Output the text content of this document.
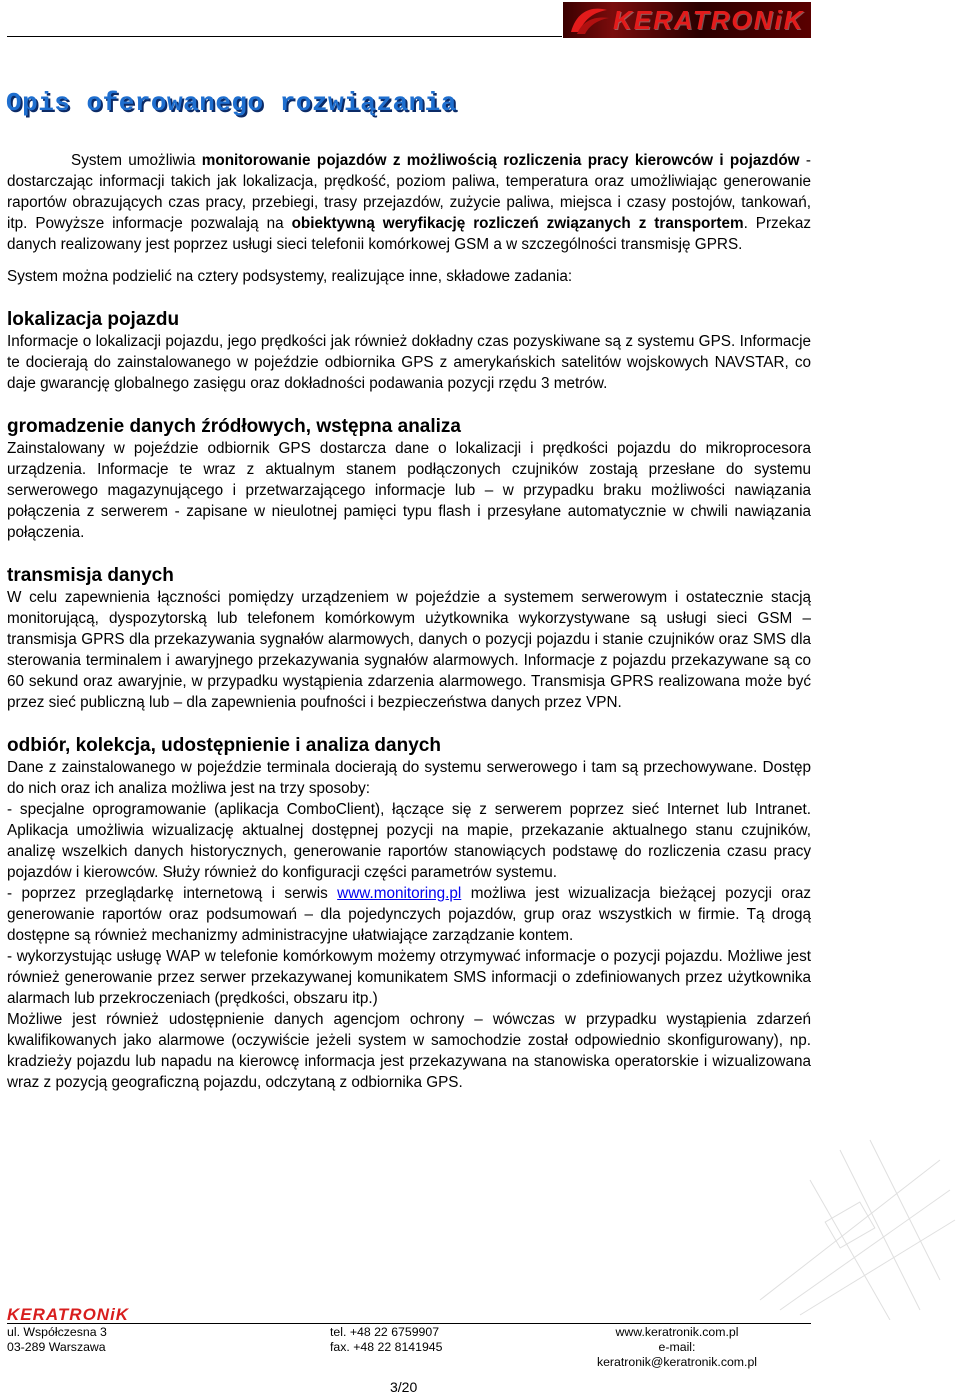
KERATRONiK
Opis oferowanego rozwiązania

System umożliwia monitorowanie pojazdów z możliwością rozliczenia pracy kierowców i pojazdów - dostarczając informacji takich jak lokalizacja, prędkość, poziom paliwa, temperatura oraz umożliwiając generowanie raportów obrazujących czas pracy, przebiegi, trasy przejazdów, zużycie paliwa, miejsca i czasy postojów, tankowań, itp. Powyższe informacje pozwalają na obiektywną weryfikację rozliczeń związanych z transportem. Przekaz danych realizowany jest poprzez usługi sieci telefonii komórkowej GSM a w szczególności transmisję GPRS.

System można podzielić na cztery podsystemy, realizujące inne, składowe zadania:

lokalizacja pojazdu

Informacje o lokalizacji pojazdu, jego prędkości jak również dokładny czas pozyskiwane są z systemu GPS. Informacje te docierają do zainstalowanego w pojeździe odbiornika GPS z amerykańskich satelitów wojskowych NAVSTAR, co daje gwarancję globalnego zasięgu oraz dokładności podawania pozycji rzędu 3 metrów.

gromadzenie danych źródłowych, wstępna analiza

Zainstalowany w pojeździe odbiornik GPS dostarcza dane o lokalizacji i prędkości pojazdu do mikroprocesora urządzenia. Informacje te wraz z aktualnym stanem podłączonych czujników zostają przesłane do systemu serwerowego magazynującego i przetwarzającego informacje lub – w przypadku braku możliwości nawiązania połączenia z serwerem - zapisane w nieulotnej pamięci typu flash i przesyłane automatycznie w chwili nawiązania połączenia.

transmisja danych

W celu zapewnienia łączności pomiędzy urządzeniem w pojeździe a systemem serwerowym i ostatecznie stacją monitorującą, dyspozytorską lub telefonem komórkowym użytkownika wykorzystywane są usługi sieci GSM – transmisja GPRS dla przekazywania sygnałów alarmowych, danych o pozycji pojazdu i stanie czujników oraz SMS dla sterowania terminalem i awaryjnego przekazywania sygnałów alarmowych. Informacje z pojazdu przekazywane są co 60 sekund oraz awaryjnie, w przypadku wystąpienia zdarzenia alarmowego. Transmisja GPRS realizowana może być przez sieć publiczną lub – dla zapewnienia poufności i bezpieczeństwa danych przez VPN.

odbiór, kolekcja, udostępnienie i analiza danych

Dane z zainstalowanego w pojeździe terminala docierają do systemu serwerowego i tam są przechowywane. Dostęp do nich oraz ich analiza możliwa jest na trzy sposoby:

- specjalne oprogramowanie (aplikacja ComboClient), łączące się z serwerem poprzez sieć Internet lub Intranet. Aplikacja umożliwia wizualizację aktualnej dostępnej pozycji na mapie, przekazanie aktualnego stanu czujników, analizę wszelkich danych historycznych, generowanie raportów stanowiących podstawę do rozliczenia czasu pracy pojazdów i kierowców. Służy również do konfiguracji części parametrów systemu.

- poprzez przeglądarkę internetową i serwis www.monitoring.pl możliwa jest wizualizacja bieżącej pozycji oraz generowanie raportów oraz podsumowań – dla pojedynczych pojazdów, grup oraz wszystkich w firmie. Tą drogą dostępne są również mechanizmy administracyjne ułatwiające zarządzanie kontem.

- wykorzystując usługę WAP w telefonie komórkowym możemy otrzymywać informacje o pozycji pojazdu. Możliwe jest również generowanie przez serwer przekazywanej komunikatem SMS informacji o zdefiniowanych przez użytkownika alarmach lub przekroczeniach (prędkości, obszaru itp.)

Możliwe jest również udostępnienie danych agencjom ochrony – wówczas w przypadku wystąpienia zdarzeń kwalifikowanych jako alarmowe (oczywiście jeżeli system w samochodzie został odpowiednio skonfigurowany), np. kradzieży pojazdu lub napadu na kierowcę informacja jest przekazywana na stanowiska operatorskie i wizualizowana wraz z pozycją geograficzną pojazdu, odczytaną z odbiornika GPS.

KERATRONiK
ul. Współczesna 3
03-289 Warszawa
tel. +48 22 6759907
fax. +48 22 8141945
www.keratronik.com.pl
e-mail: keratronik@keratronik.com.pl
3/20
